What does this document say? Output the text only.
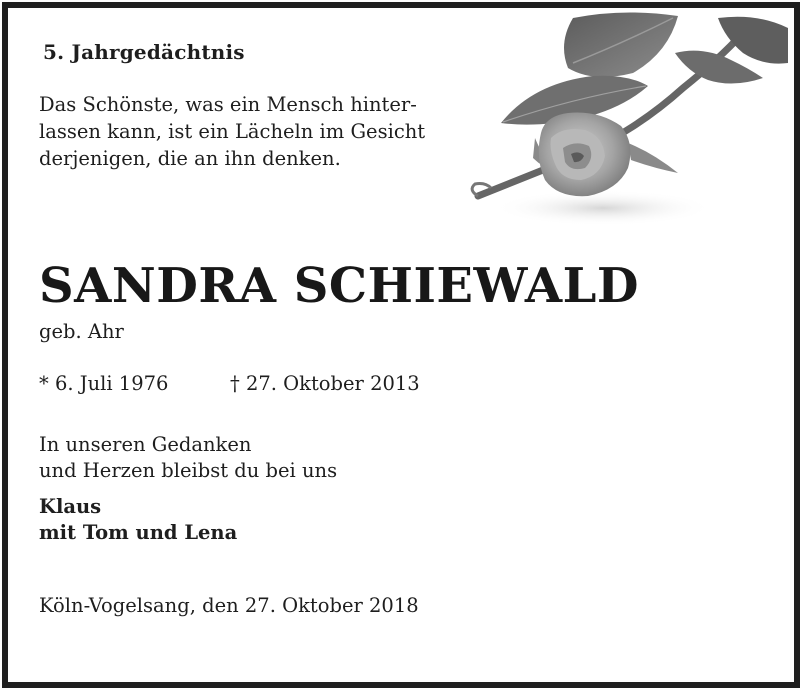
5. Jahrgedächtnis
Das Schönste, was ein Mensch hinter-
lassen kann, ist ein Lächeln im Gesicht
derjenigen, die an ihn denken.
SANDRA SCHIEWALD
geb. Ahr
* 6. Juli 1976	† 27. Oktober 2013
In unseren Gedanken
und Herzen bleibst du bei uns
Klaus
mit Tom und Lena
Köln-Vogelsang, den 27. Oktober 2018
